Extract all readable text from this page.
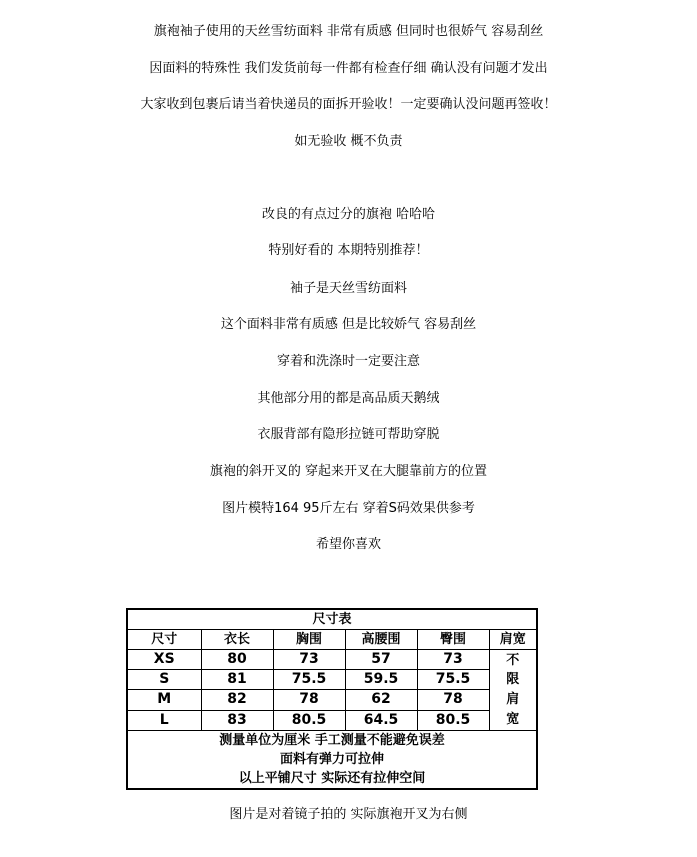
旗袍袖子使用的天丝雪纺面料 非常有质感 但同时也很娇气 容易刮丝
因面料的特殊性 我们发货前每一件都有检查仔细 确认没有问题才发出
大家收到包裹后请当着快递员的面拆开验收！一定要确认没问题再签收！
如无验收 概不负责
改良的有点过分的旗袍 哈哈哈
特别好看的 本期特别推荐！
袖子是天丝雪纺面料
这个面料非常有质感 但是比较娇气 容易刮丝
穿着和洗涤时一定要注意
其他部分用的都是高品质天鹅绒
衣服背部有隐形拉链可帮助穿脱
旗袍的斜开叉的 穿起来开叉在大腿靠前方的位置
图片模特164 95斤左右 穿着S码效果供参考
希望你喜欢
尺寸表					
尺寸	衣长	胸围	高腰围	臀围	肩宽
XS	80	73	57	73	不
S	81	75.5	59.5	75.5	限
M	82	78	62	78	肩
L	83	80.5	64.5	80.5	宽
测量单位为厘米 手工测量不能避免误差					
面料有弹力可拉伸					
以上平铺尺寸 实际还有拉伸空间					
图片是对着镜子拍的 实际旗袍开叉为右侧
